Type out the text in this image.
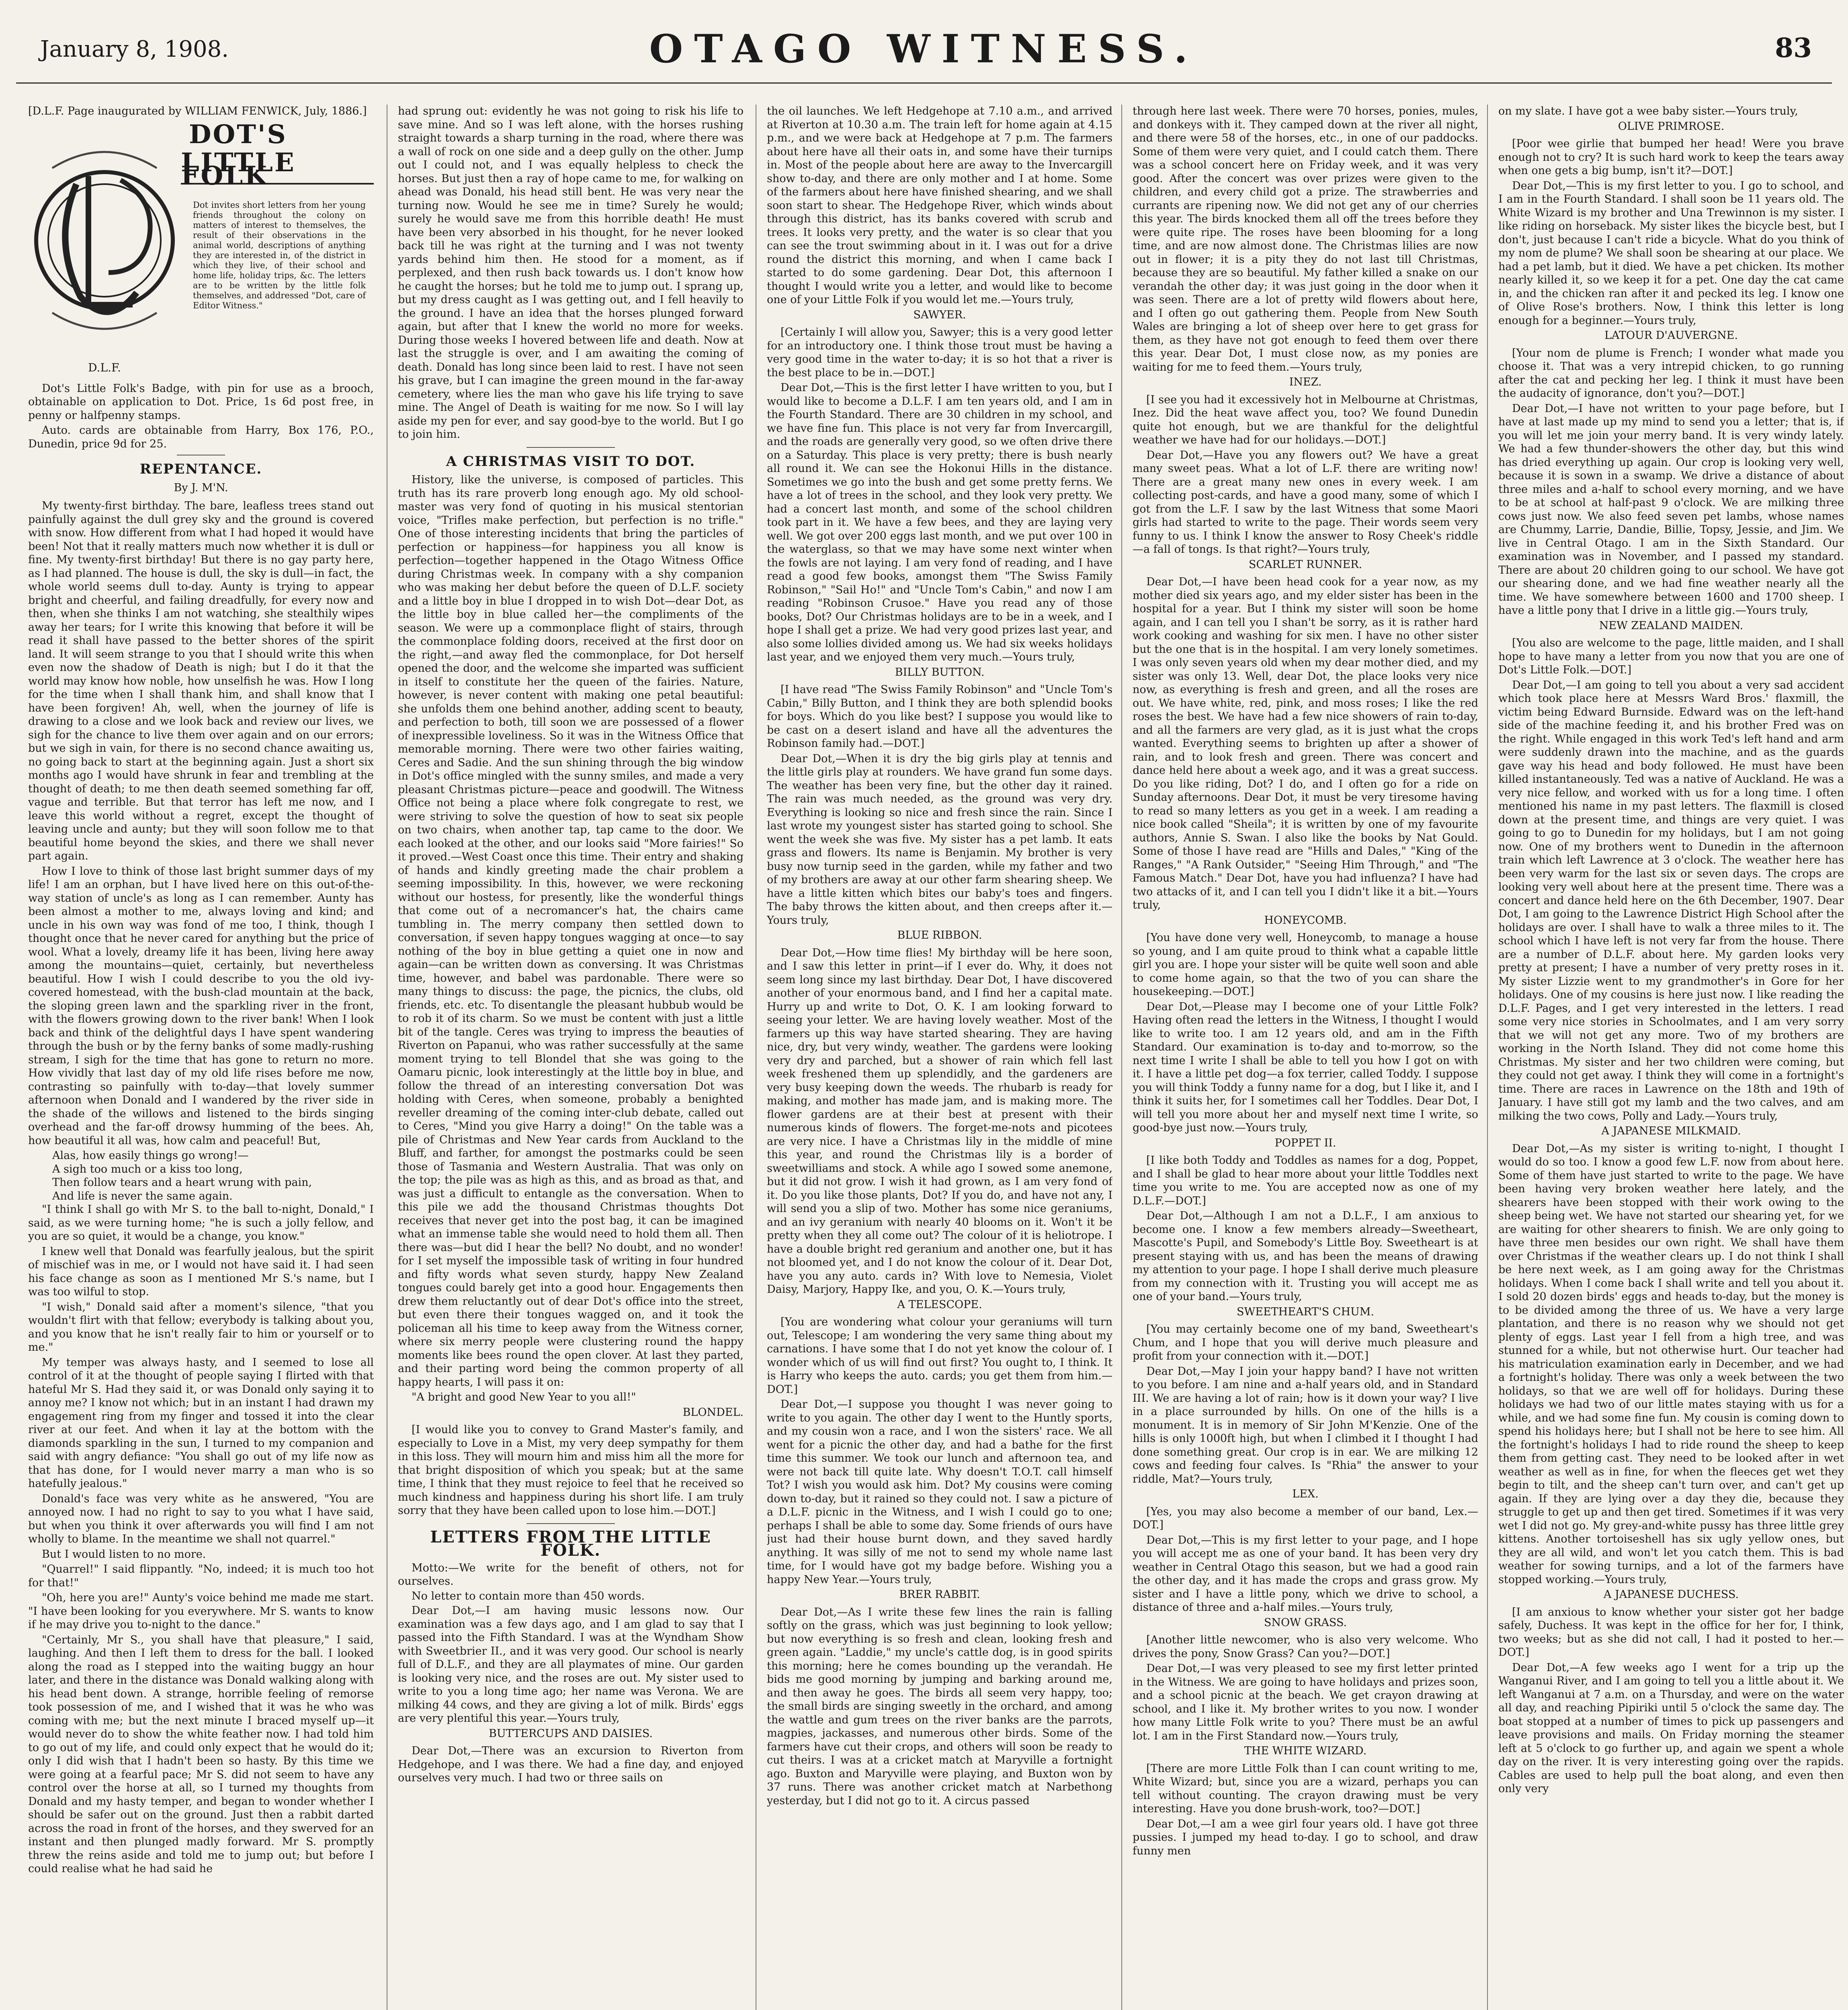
January 8, 1908.	OTAGO WITNESS.	83

[D.L.F. Page inaugurated by WILLIAM FENWICK, July, 1886.]

DOT'S
LITTLE FOLK
Dot invites short letters from her young friends throughout the colony on matters of interest to themselves, the result of their observations in the animal world, descriptions of anything they are interested in, of the district in which they live, of their school and home life, holiday trips, &c. The letters are to be written by the little folk themselves, and addressed "Dot, care of Editor Witness."
D.L.F.

Dot's Little Folk's Badge, with pin for use as a brooch, obtainable on application to Dot. Price, 1s 6d post free, in penny or halfpenny stamps.

Auto. cards are obtainable from Harry, Box 176, P.O., Dunedin, price 9d for 25.

REPENTANCE.
By J. M'N.

My twenty-first birthday. The bare, leafless trees stand out painfully against the dull grey sky and the ground is covered with snow. How different from what I had hoped it would have been! Not that it really matters much now whether it is dull or fine. My twenty-first birthday! But there is no gay party here, as I had planned. The house is dull, the sky is dull—in fact, the whole world seems dull to-day. Aunty is trying to appear bright and cheerful, and failing dreadfully, for every now and then, when she thinks I am not watching, she stealthily wipes away her tears; for I write this knowing that before it will be read it shall have passed to the better shores of the spirit land. It will seem strange to you that I should write this when even now the shadow of Death is nigh; but I do it that the world may know how noble, how unselfish he was. How I long for the time when I shall thank him, and shall know that I have been forgiven! Ah, well, when the journey of life is drawing to a close and we look back and review our lives, we sigh for the chance to live them over again and on our errors; but we sigh in vain, for there is no second chance awaiting us, no going back to start at the beginning again. Just a short six months ago I would have shrunk in fear and trembling at the thought of death; to me then death seemed something far off, vague and terrible. But that terror has left me now, and I leave this world without a regret, except the thought of leaving uncle and aunty; but they will soon follow me to that beautiful home beyond the skies, and there we shall never part again.

How I love to think of those last bright summer days of my life! I am an orphan, but I have lived here on this out-of-the-way station of uncle's as long as I can remember. Aunty has been almost a mother to me, always loving and kind; and uncle in his own way was fond of me too, I think, though I thought once that he never cared for anything but the price of wool. What a lovely, dreamy life it has been, living here away among the mountains—quiet, certainly, but nevertheless beautiful. How I wish I could describe to you the old ivy-covered homestead, with the bush-clad mountain at the back, the sloping green lawn and the sparkling river in the front, with the flowers growing down to the river bank! When I look back and think of the delightful days I have spent wandering through the bush or by the ferny banks of some madly-rushing stream, I sigh for the time that has gone to return no more. How vividly that last day of my old life rises before me now, contrasting so painfully with to-day—that lovely summer afternoon when Donald and I wandered by the river side in the shade of the willows and listened to the birds singing overhead and the far-off drowsy humming of the bees. Ah, how beautiful it all was, how calm and peaceful! But,

Alas, how easily things go wrong!—
A sigh too much or a kiss too long,
Then follow tears and a heart wrung with pain,
And life is never the same again.

"I think I shall go with Mr S. to the ball to-night, Donald," I said, as we were turning home; "he is such a jolly fellow, and you are so quiet, it would be a change, you know."

I knew well that Donald was fearfully jealous, but the spirit of mischief was in me, or I would not have said it. I had seen his face change as soon as I mentioned Mr S.'s name, but I was too wilful to stop.

"I wish," Donald said after a moment's silence, "that you wouldn't flirt with that fellow; everybody is talking about you, and you know that he isn't really fair to him or yourself or to me."

My temper was always hasty, and I seemed to lose all control of it at the thought of people saying I flirted with that hateful Mr S. Had they said it, or was Donald only saying it to annoy me? I know not which; but in an instant I had drawn my engagement ring from my finger and tossed it into the clear river at our feet. And when it lay at the bottom with the diamonds sparkling in the sun, I turned to my companion and said with angry defiance: "You shall go out of my life now as that has done, for I would never marry a man who is so hatefully jealous."

Donald's face was very white as he answered, "You are annoyed now. I had no right to say to you what I have said, but when you think it over afterwards you will find I am not wholly to blame. In the meantime we shall not quarrel."

But I would listen to no more.

"Quarrel!" I said flippantly. "No, indeed; it is much too hot for that!"

"Oh, here you are!" Aunty's voice behind me made me start. "I have been looking for you everywhere. Mr S. wants to know if he may drive you to-night to the dance."

"Certainly, Mr S., you shall have that pleasure," I said, laughing. And then I left them to dress for the ball. I looked along the road as I stepped into the waiting buggy an hour later, and there in the distance was Donald walking along with his head bent down. A strange, horrible feeling of remorse took possession of me, and I wished that it was he who was coming with me; but the next minute I braced myself up—it would never do to show the white feather now. I had told him to go out of my life, and could only expect that he would do it; only I did wish that I hadn't been so hasty. By this time we were going at a fearful pace; Mr S. did not seem to have any control over the horse at all, so I turned my thoughts from Donald and my hasty temper, and began to wonder whether I should be safer out on the ground. Just then a rabbit darted across the road in front of the horses, and they swerved for an instant and then plunged madly forward. Mr S. promptly threw the reins aside and told me to jump out; but before I could realise what he had said he

had sprung out: evidently he was not going to risk his life to save mine. And so I was left alone, with the horses rushing straight towards a sharp turning in the road, where there was a wall of rock on one side and a deep gully on the other. Jump out I could not, and I was equally helpless to check the horses. But just then a ray of hope came to me, for walking on ahead was Donald, his head still bent. He was very near the turning now. Would he see me in time? Surely he would; surely he would save me from this horrible death! He must have been very absorbed in his thought, for he never looked back till he was right at the turning and I was not twenty yards behind him then. He stood for a moment, as if perplexed, and then rush back towards us. I don't know how he caught the horses; but he told me to jump out. I sprang up, but my dress caught as I was getting out, and I fell heavily to the ground. I have an idea that the horses plunged forward again, but after that I knew the world no more for weeks. During those weeks I hovered between life and death. Now at last the struggle is over, and I am awaiting the coming of death. Donald has long since been laid to rest. I have not seen his grave, but I can imagine the green mound in the far-away cemetery, where lies the man who gave his life trying to save mine. The Angel of Death is waiting for me now. So I will lay aside my pen for ever, and say good-bye to the world. But I go to join him.

A CHRISTMAS VISIT TO DOT.

History, like the universe, is composed of particles. This truth has its rare proverb long enough ago. My old school-master was very fond of quoting in his musical stentorian voice, "Trifles make perfection, but perfection is no trifle." One of those interesting incidents that bring the particles of perfection or happiness—for happiness you all know is perfection—together happened in the Otago Witness Office during Christmas week. In company with a shy companion who was making her debut before the queen of D.L.F. society and a little boy in blue I dropped in to wish Dot—dear Dot, as the little boy in blue called her—the compliments of the season. We were up a commonplace flight of stairs, through the commonplace folding doors, received at the first door on the right,—and away fled the commonplace, for Dot herself opened the door, and the welcome she imparted was sufficient in itself to constitute her the queen of the fairies. Nature, however, is never content with making one petal beautiful: she unfolds them one behind another, adding scent to beauty, and perfection to both, till soon we are possessed of a flower of inexpressible loveliness. So it was in the Witness Office that memorable morning. There were two other fairies waiting, Ceres and Sadie. And the sun shining through the big window in Dot's office mingled with the sunny smiles, and made a very pleasant Christmas picture—peace and goodwill. The Witness Office not being a place where folk congregate to rest, we were striving to solve the question of how to seat six people on two chairs, when another tap, tap came to the door. We each looked at the other, and our looks said "More fairies!" So it proved.—West Coast once this time. Their entry and shaking of hands and kindly greeting made the chair problem a seeming impossibility. In this, however, we were reckoning without our hostess, for presently, like the wonderful things that come out of a necromancer's hat, the chairs came tumbling in. The merry company then settled down to conversation, if seven happy tongues wagging at once—to say nothing of the boy in blue getting a quiet one in now and again—can be written down as conversing. It was Christmas time, however, and babel was pardonable. There were so many things to discuss: the page, the picnics, the clubs, old friends, etc. etc. To disentangle the pleasant hubbub would be to rob it of its charm. So we must be content with just a little bit of the tangle. Ceres was trying to impress the beauties of Riverton on Papanui, who was rather successfully at the same moment trying to tell Blondel that she was going to the Oamaru picnic, look interestingly at the little boy in blue, and follow the thread of an interesting conversation Dot was holding with Ceres, when someone, probably a benighted reveller dreaming of the coming inter-club debate, called out to Ceres, "Mind you give Harry a doing!" On the table was a pile of Christmas and New Year cards from Auckland to the Bluff, and farther, for amongst the postmarks could be seen those of Tasmania and Western Australia. That was only on the top; the pile was as high as this, and as broad as that, and was just a difficult to entangle as the conversation. When to this pile we add the thousand Christmas thoughts Dot receives that never get into the post bag, it can be imagined what an immense table she would need to hold them all. Then there was—but did I hear the bell? No doubt, and no wonder! for I set myself the impossible task of writing in four hundred and fifty words what seven sturdy, happy New Zealand tongues could barely get into a good hour. Engagements then drew them reluctantly out of dear Dot's office into the street, but even there their tongues wagged on, and it took the policeman all his time to keep away from the Witness corner, where six merry people were clustering round the happy moments like bees round the open clover. At last they parted, and their parting word being the common property of all happy hearts, I will pass it on:

"A bright and good New Year to you all!"

BLONDEL.

[I would like you to convey to Grand Master's family, and especially to Love in a Mist, my very deep sympathy for them in this loss. They will mourn him and miss him all the more for that bright disposition of which you speak; but at the same time, I think that they must rejoice to feel that he received so much kindness and happiness during his short life. I am truly sorry that they have been called upon to lose him.—DOT.]

LETTERS FROM THE LITTLE FOLK.

Motto:—We write for the benefit of others, not for ourselves.

No letter to contain more than 450 words.

Dear Dot,—I am having music lessons now. Our examination was a few days ago, and I am glad to say that I passed into the Fifth Standard. I was at the Wyndham Show with Sweetbrier II., and it was very good. Our school is nearly full of D.L.F., and they are all playmates of mine. Our garden is looking very nice, and the roses are out. My sister used to write to you a long time ago; her name was Verona. We are milking 44 cows, and they are giving a lot of milk. Birds' eggs are very plentiful this year.—Yours truly,

BUTTERCUPS AND DAISIES.

Dear Dot,—There was an excursion to Riverton from Hedgehope, and I was there. We had a fine day, and enjoyed ourselves very much. I had two or three sails on

the oil launches. We left Hedgehope at 7.10 a.m., and arrived at Riverton at 10.30 a.m. The train left for home again at 4.15 p.m., and we were back at Hedgehope at 7 p.m. The farmers about here have all their oats in, and some have their turnips in. Most of the people about here are away to the Invercargill show to-day, and there are only mother and I at home. Some of the farmers about here have finished shearing, and we shall soon start to shear. The Hedgehope River, which winds about through this district, has its banks covered with scrub and trees. It looks very pretty, and the water is so clear that you can see the trout swimming about in it. I was out for a drive round the district this morning, and when I came back I started to do some gardening. Dear Dot, this afternoon I thought I would write you a letter, and would like to become one of your Little Folk if you would let me.—Yours truly,

SAWYER.

[Certainly I will allow you, Sawyer; this is a very good letter for an introductory one. I think those trout must be having a very good time in the water to-day; it is so hot that a river is the best place to be in.—DOT.]

Dear Dot,—This is the first letter I have written to you, but I would like to become a D.L.F. I am ten years old, and I am in the Fourth Standard. There are 30 children in my school, and we have fine fun. This place is not very far from Invercargill, and the roads are generally very good, so we often drive there on a Saturday. This place is very pretty; there is bush nearly all round it. We can see the Hokonui Hills in the distance. Sometimes we go into the bush and get some pretty ferns. We have a lot of trees in the school, and they look very pretty. We had a concert last month, and some of the school children took part in it. We have a few bees, and they are laying very well. We got over 200 eggs last month, and we put over 100 in the waterglass, so that we may have some next winter when the fowls are not laying. I am very fond of reading, and I have read a good few books, amongst them "The Swiss Family Robinson," "Sail Ho!" and "Uncle Tom's Cabin," and now I am reading "Robinson Crusoe." Have you read any of those books, Dot? Our Christmas holidays are to be in a week, and I hope I shall get a prize. We had very good prizes last year, and also some lollies divided among us. We had six weeks holidays last year, and we enjoyed them very much.—Yours truly,

BILLY BUTTON.

[I have read "The Swiss Family Robinson" and "Uncle Tom's Cabin," Billy Button, and I think they are both splendid books for boys. Which do you like best? I suppose you would like to be cast on a desert island and have all the adventures the Robinson family had.—DOT.]

Dear Dot,—When it is dry the big girls play at tennis and the little girls play at rounders. We have grand fun some days. The weather has been very fine, but the other day it rained. The rain was much needed, as the ground was very dry. Everything is looking so nice and fresh since the rain. Since I last wrote my youngest sister has started going to school. She went the week she was five. My sister has a pet lamb. It eats grass and flowers. Its name is Benjamin. My brother is very busy now turnip seed in the garden, while my father and two of my brothers are away at our other farm shearing sheep. We have a little kitten which bites our baby's toes and fingers. The baby throws the kitten about, and then creeps after it.—Yours truly,

BLUE RIBBON.

Dear Dot,—How time flies! My birthday will be here soon, and I saw this letter in print—if I ever do. Why, it does not seem long since my last birthday. Dear Dot, I have discovered another of your enormous band, and I find her a capital mate. Hurry up and write to Dot, O. K. I am looking forward to seeing your letter. We are having lovely weather. Most of the farmers up this way have started shearing. They are having nice, dry, but very windy, weather. The gardens were looking very dry and parched, but a shower of rain which fell last week freshened them up splendidly, and the gardeners are very busy keeping down the weeds. The rhubarb is ready for making, and mother has made jam, and is making more. The flower gardens are at their best at present with their numerous kinds of flowers. The forget-me-nots and picotees are very nice. I have a Christmas lily in the middle of mine this year, and round the Christmas lily is a border of sweetwilliams and stock. A while ago I sowed some anemone, but it did not grow. I wish it had grown, as I am very fond of it. Do you like those plants, Dot? If you do, and have not any, I will send you a slip of two. Mother has some nice geraniums, and an ivy geranium with nearly 40 blooms on it. Won't it be pretty when they all come out? The colour of it is heliotrope. I have a double bright red geranium and another one, but it has not bloomed yet, and I do not know the colour of it. Dear Dot, have you any auto. cards in? With love to Nemesia, Violet Daisy, Marjory, Happy Ike, and you, O. K.—Yours truly,

A TELESCOPE.

[You are wondering what colour your geraniums will turn out, Telescope; I am wondering the very same thing about my carnations. I have some that I do not yet know the colour of. I wonder which of us will find out first? You ought to, I think. It is Harry who keeps the auto. cards; you get them from him.—DOT.]

Dear Dot,—I suppose you thought I was never going to write to you again. The other day I went to the Huntly sports, and my cousin won a race, and I won the sisters' race. We all went for a picnic the other day, and had a bathe for the first time this summer. We took our lunch and afternoon tea, and were not back till quite late. Why doesn't T.O.T. call himself Tot? I wish you would ask him. Dot? My cousins were coming down to-day, but it rained so they could not. I saw a picture of a D.L.F. picnic in the Witness, and I wish I could go to one; perhaps I shall be able to some day. Some friends of ours have just had their house burnt down, and they saved hardly anything. It was silly of me not to send my whole name last time, for I would have got my badge before. Wishing you a happy New Year.—Yours truly,

BRER RABBIT.

Dear Dot,—As I write these few lines the rain is falling softly on the grass, which was just beginning to look yellow; but now everything is so fresh and clean, looking fresh and green again. "Laddie," my uncle's cattle dog, is in good spirits this morning; here he comes bounding up the verandah. He bids me good morning by jumping and barking around me, and then away he goes. The birds all seem very happy, too; the small birds are singing sweetly in the orchard, and among the wattle and gum trees on the river banks are the parrots, magpies, jackasses, and numerous other birds. Some of the farmers have cut their crops, and others will soon be ready to cut theirs. I was at a cricket match at Maryville a fortnight ago. Buxton and Maryville were playing, and Buxton won by 37 runs. There was another cricket match at Narbethong yesterday, but I did not go to it. A circus passed

through here last week. There were 70 horses, ponies, mules, and donkeys with it. They camped down at the river all night, and there were 58 of the horses, etc., in one of our paddocks. Some of them were very quiet, and I could catch them. There was a school concert here on Friday week, and it was very good. After the concert was over prizes were given to the children, and every child got a prize. The strawberries and currants are ripening now. We did not get any of our cherries this year. The birds knocked them all off the trees before they were quite ripe. The roses have been blooming for a long time, and are now almost done. The Christmas lilies are now out in flower; it is a pity they do not last till Christmas, because they are so beautiful. My father killed a snake on our verandah the other day; it was just going in the door when it was seen. There are a lot of pretty wild flowers about here, and I often go out gathering them. People from New South Wales are bringing a lot of sheep over here to get grass for them, as they have not got enough to feed them over there this year. Dear Dot, I must close now, as my ponies are waiting for me to feed them.—Yours truly,

INEZ.

[I see you had it excessively hot in Melbourne at Christmas, Inez. Did the heat wave affect you, too? We found Dunedin quite hot enough, but we are thankful for the delightful weather we have had for our holidays.—DOT.]

Dear Dot,—Have you any flowers out? We have a great many sweet peas. What a lot of L.F. there are writing now! There are a great many new ones in every week. I am collecting post-cards, and have a good many, some of which I got from the L.F. I saw by the last Witness that some Maori girls had started to write to the page. Their words seem very funny to us. I think I know the answer to Rosy Cheek's riddle—a fall of tongs. Is that right?—Yours truly,

SCARLET RUNNER.

Dear Dot,—I have been head cook for a year now, as my mother died six years ago, and my elder sister has been in the hospital for a year. But I think my sister will soon be home again, and I can tell you I shan't be sorry, as it is rather hard work cooking and washing for six men. I have no other sister but the one that is in the hospital. I am very lonely sometimes. I was only seven years old when my dear mother died, and my sister was only 13. Well, dear Dot, the place looks very nice now, as everything is fresh and green, and all the roses are out. We have white, red, pink, and moss roses; I like the red roses the best. We have had a few nice showers of rain to-day, and all the farmers are very glad, as it is just what the crops wanted. Everything seems to brighten up after a shower of rain, and to look fresh and green. There was concert and dance held here about a week ago, and it was a great success. Do you like riding, Dot? I do, and I often go for a ride on Sunday afternoons. Dear Dot, it must be very tiresome having to read so many letters as you get in a week. I am reading a nice book called "Sheila"; it is written by one of my favourite authors, Annie S. Swan. I also like the books by Nat Gould. Some of those I have read are "Hills and Dales," "King of the Ranges," "A Rank Outsider," "Seeing Him Through," and "The Famous Match." Dear Dot, have you had influenza? I have had two attacks of it, and I can tell you I didn't like it a bit.—Yours truly,

HONEYCOMB.

[You have done very well, Honeycomb, to manage a house so young, and I am quite proud to think what a capable little girl you are. I hope your sister will be quite well soon and able to come home again, so that the two of you can share the housekeeping.—DOT.]

Dear Dot,—Please may I become one of your Little Folk? Having often read the letters in the Witness, I thought I would like to write too. I am 12 years old, and am in the Fifth Standard. Our examination is to-day and to-morrow, so the next time I write I shall be able to tell you how I got on with it. I have a little pet dog—a fox terrier, called Toddy. I suppose you will think Toddy a funny name for a dog, but I like it, and I think it suits her, for I sometimes call her Toddles. Dear Dot, I will tell you more about her and myself next time I write, so good-bye just now.—Yours truly,

POPPET II.

[I like both Toddy and Toddles as names for a dog, Poppet, and I shall be glad to hear more about your little Toddles next time you write to me. You are accepted now as one of my D.L.F.—DOT.]

Dear Dot,—Although I am not a D.L.F., I am anxious to become one. I know a few members already—Sweetheart, Mascotte's Pupil, and Somebody's Little Boy. Sweetheart is at present staying with us, and has been the means of drawing my attention to your page. I hope I shall derive much pleasure from my connection with it. Trusting you will accept me as one of your band.—Yours truly,

SWEETHEART'S CHUM.

[You may certainly become one of my band, Sweetheart's Chum, and I hope that you will derive much pleasure and profit from your connection with it.—DOT.]

Dear Dot,—May I join your happy band? I have not written to you before. I am nine and a-half years old, and in Standard III. We are having a lot of rain; how is it down your way? I live in a place surrounded by hills. On one of the hills is a monument. It is in memory of Sir John M'Kenzie. One of the hills is only 1000ft high, but when I climbed it I thought I had done something great. Our crop is in ear. We are milking 12 cows and feeding four calves. Is "Rhia" the answer to your riddle, Mat?—Yours truly,

LEX.

[Yes, you may also become a member of our band, Lex.—DOT.]

Dear Dot,—This is my first letter to your page, and I hope you will accept me as one of your band. It has been very dry weather in Central Otago this season, but we had a good rain the other day, and it has made the crops and grass grow. My sister and I have a little pony, which we drive to school, a distance of three and a-half miles.—Yours truly,

SNOW GRASS.

[Another little newcomer, who is also very welcome. Who drives the pony, Snow Grass? Can you?—DOT.]

Dear Dot,—I was very pleased to see my first letter printed in the Witness. We are going to have holidays and prizes soon, and a school picnic at the beach. We get crayon drawing at school, and I like it. My brother writes to you now. I wonder how many Little Folk write to you? There must be an awful lot. I am in the First Standard now.—Yours truly,

THE WHITE WIZARD.

[There are more Little Folk than I can count writing to me, White Wizard; but, since you are a wizard, perhaps you can tell without counting. The crayon drawing must be very interesting. Have you done brush-work, too?—DOT.]

Dear Dot,—I am a wee girl four years old. I have got three pussies. I jumped my head to-day. I go to school, and draw funny men

on my slate. I have got a wee baby sister.—Yours truly,

OLIVE PRIMROSE.

[Poor wee girlie that bumped her head! Were you brave enough not to cry? It is such hard work to keep the tears away when one gets a big bump, isn't it?—DOT.]

Dear Dot,—This is my first letter to you. I go to school, and I am in the Fourth Standard. I shall soon be 11 years old. The White Wizard is my brother and Una Trewinnon is my sister. I like riding on horseback. My sister likes the bicycle best, but I don't, just because I can't ride a bicycle. What do you think of my nom de plume? We shall soon be shearing at our place. We had a pet lamb, but it died. We have a pet chicken. Its mother nearly killed it, so we keep it for a pet. One day the cat came in, and the chicken ran after it and pecked its leg. I know one of Olive Rose's brothers. Now, I think this letter is long enough for a beginner.—Yours truly,

LATOUR D'AUVERGNE.

[Your nom de plume is French; I wonder what made you choose it. That was a very intrepid chicken, to go running after the cat and pecking her leg. I think it must have been the audacity of ignorance, don't you?—DOT.]

Dear Dot,—I have not written to your page before, but I have at last made up my mind to send you a letter; that is, if you will let me join your merry band. It is very windy lately. We had a few thunder-showers the other day, but this wind has dried everything up again. Our crop is looking very well, because it is sown in a swamp. We drive a distance of about three miles and a-half to school every morning, and we have to be at school at half-past 9 o'clock. We are milking three cows just now. We also feed seven pet lambs, whose names are Chummy, Larrie, Dandie, Billie, Topsy, Jessie, and Jim. We live in Central Otago. I am in the Sixth Standard. Our examination was in November, and I passed my standard. There are about 20 children going to our school. We have got our shearing done, and we had fine weather nearly all the time. We have somewhere between 1600 and 1700 sheep. I have a little pony that I drive in a little gig.—Yours truly,

NEW ZEALAND MAIDEN.

[You also are welcome to the page, little maiden, and I shall hope to have many a letter from you now that you are one of Dot's Little Folk.—DOT.]

Dear Dot,—I am going to tell you about a very sad accident which took place here at Messrs Ward Bros.' flaxmill, the victim being Edward Burnside. Edward was on the left-hand side of the machine feeding it, and his brother Fred was on the right. While engaged in this work Ted's left hand and arm were suddenly drawn into the machine, and as the guards gave way his head and body followed. He must have been killed instantaneously. Ted was a native of Auckland. He was a very nice fellow, and worked with us for a long time. I often mentioned his name in my past letters. The flaxmill is closed down at the present time, and things are very quiet. I was going to go to Dunedin for my holidays, but I am not going now. One of my brothers went to Dunedin in the afternoon train which left Lawrence at 3 o'clock. The weather here has been very warm for the last six or seven days. The crops are looking very well about here at the present time. There was a concert and dance held here on the 6th December, 1907. Dear Dot, I am going to the Lawrence District High School after the holidays are over. I shall have to walk a three miles to it. The school which I have left is not very far from the house. There are a number of D.L.F. about here. My garden looks very pretty at present; I have a number of very pretty roses in it. My sister Lizzie went to my grandmother's in Gore for her holidays. One of my cousins is here just now. I like reading the D.L.F. Pages, and I get very interested in the letters. I read some very nice stories in Schoolmates, and I am very sorry that we will not get any more. Two of my brothers are working in the North Island. They did not come home this Christmas. My sister and her two children were coming, but they could not get away. I think they will come in a fortnight's time. There are races in Lawrence on the 18th and 19th of January. I have still got my lamb and the two calves, and am milking the two cows, Polly and Lady.—Yours truly,

A JAPANESE MILKMAID.

Dear Dot,—As my sister is writing to-night, I thought I would do so too. I know a good few L.F. now from about here. Some of them have just started to write to the page. We have been having very broken weather here lately, and the shearers have been stopped with their work owing to the sheep being wet. We have not started our shearing yet, for we are waiting for other shearers to finish. We are only going to have three men besides our own right. We shall have them over Christmas if the weather clears up. I do not think I shall be here next week, as I am going away for the Christmas holidays. When I come back I shall write and tell you about it. I sold 20 dozen birds' eggs and heads to-day, but the money is to be divided among the three of us. We have a very large plantation, and there is no reason why we should not get plenty of eggs. Last year I fell from a high tree, and was stunned for a while, but not otherwise hurt. Our teacher had his matriculation examination early in December, and we had a fortnight's holiday. There was only a week between the two holidays, so that we are well off for holidays. During these holidays we had two of our little mates staying with us for a while, and we had some fine fun. My cousin is coming down to spend his holidays here; but I shall not be here to see him. All the fortnight's holidays I had to ride round the sheep to keep them from getting cast. They need to be looked after in wet weather as well as in fine, for when the fleeces get wet they begin to tilt, and the sheep can't turn over, and can't get up again. If they are lying over a day they die, because they struggle to get up and then get tired. Sometimes if it was very wet I did not go. My grey-and-white pussy has three little grey kittens. Another tortoiseshell has six ugly yellow ones, but they are all wild, and won't let you catch them. This is bad weather for sowing turnips, and a lot of the farmers have stopped working.—Yours truly,

A JAPANESE DUCHESS.

[I am anxious to know whether your sister got her badge safely, Duchess. It was kept in the office for her for, I think, two weeks; but as she did not call, I had it posted to her.—DOT.]

Dear Dot,—A few weeks ago I went for a trip up the Wanganui River, and I am going to tell you a little about it. We left Wanganui at 7 a.m. on a Thursday, and were on the water all day, and reaching Pipiriki until 5 o'clock the same day. The boat stopped at a number of times to pick up passengers and leave provisions and mails. On Friday morning the steamer left at 5 o'clock to go further up, and again we spent a whole day on the river. It is very interesting going over the rapids. Cables are used to help pull the boat along, and even then only very
